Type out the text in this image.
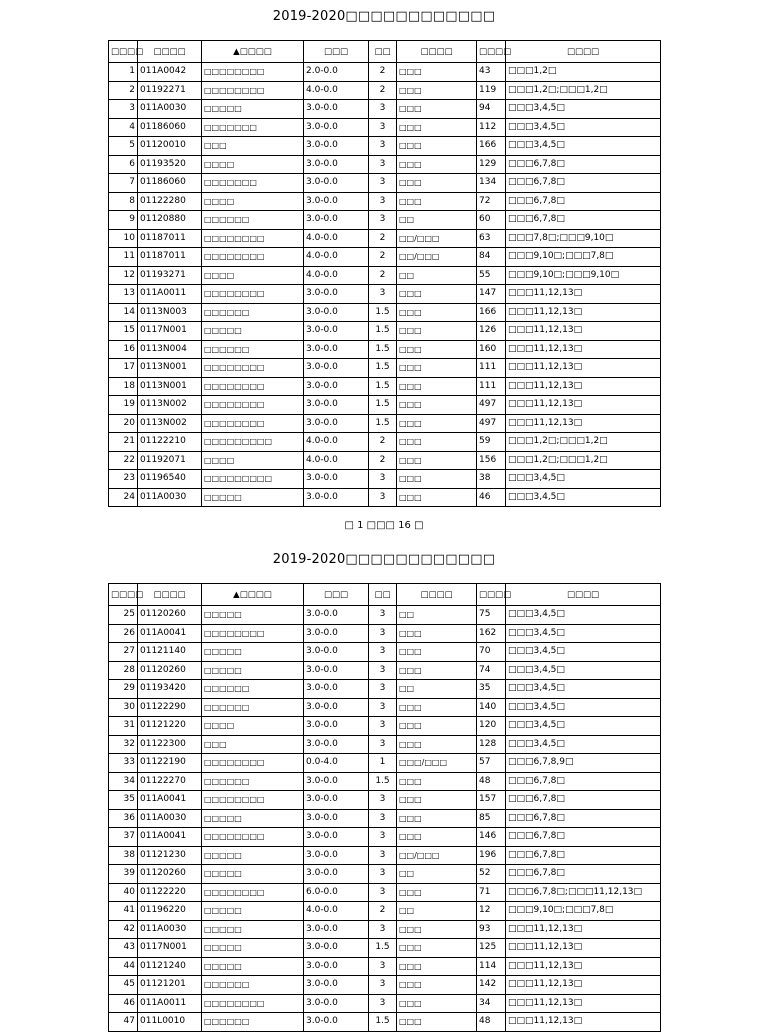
2019-2020□□□□□□□□□□□□
□□□□	□□□□	▲□□□□	□□□	□□	□□□□	□□□□	□□□□
1	011A0042	□□□□□□□□	2.0-0.0	2	□□□	43	□□□1,2□
2	01192271	□□□□□□□□	4.0-0.0	2	□□□	119	□□□1,2□;□□□1,2□
3	011A0030	□□□□□	3.0-0.0	3	□□□	94	□□□3,4,5□
4	01186060	□□□□□□□	3.0-0.0	3	□□□	112	□□□3,4,5□
5	01120010	□□□	3.0-0.0	3	□□□	166	□□□3,4,5□
6	01193520	□□□□	3.0-0.0	3	□□□	129	□□□6,7,8□
7	01186060	□□□□□□□	3.0-0.0	3	□□□	134	□□□6,7,8□
8	01122280	□□□□	3.0-0.0	3	□□□	72	□□□6,7,8□
9	01120880	□□□□□□	3.0-0.0	3	□□	60	□□□6,7,8□
10	01187011	□□□□□□□□	4.0-0.0	2	□□/□□□	63	□□□7,8□;□□□9,10□
11	01187011	□□□□□□□□	4.0-0.0	2	□□/□□□	84	□□□9,10□;□□□7,8□
12	01193271	□□□□	4.0-0.0	2	□□	55	□□□9,10□;□□□9,10□
13	011A0011	□□□□□□□□	3.0-0.0	3	□□□	147	□□□11,12,13□
14	0113N003	□□□□□□	3.0-0.0	1.5	□□□	166	□□□11,12,13□
15	0117N001	□□□□□	3.0-0.0	1.5	□□□	126	□□□11,12,13□
16	0113N004	□□□□□□	3.0-0.0	1.5	□□□	160	□□□11,12,13□
17	0113N001	□□□□□□□□	3.0-0.0	1.5	□□□	111	□□□11,12,13□
18	0113N001	□□□□□□□□	3.0-0.0	1.5	□□□	111	□□□11,12,13□
19	0113N002	□□□□□□□□	3.0-0.0	1.5	□□□	497	□□□11,12,13□
20	0113N002	□□□□□□□□	3.0-0.0	1.5	□□□	497	□□□11,12,13□
21	01122210	□□□□□□□□□	4.0-0.0	2	□□□	59	□□□1,2□;□□□1,2□
22	01192071	□□□□	4.0-0.0	2	□□□	156	□□□1,2□;□□□1,2□
23	01196540	□□□□□□□□□	3.0-0.0	3	□□□	38	□□□3,4,5□
24	011A0030	□□□□□	3.0-0.0	3	□□□	46	□□□3,4,5□
□ 1 □□□ 16 □
2019-2020□□□□□□□□□□□□
□□□□	□□□□	▲□□□□	□□□	□□	□□□□	□□□□	□□□□
25	01120260	□□□□□	3.0-0.0	3	□□	75	□□□3,4,5□
26	011A0041	□□□□□□□□	3.0-0.0	3	□□□	162	□□□3,4,5□
27	01121140	□□□□□	3.0-0.0	3	□□□	70	□□□3,4,5□
28	01120260	□□□□□	3.0-0.0	3	□□□	74	□□□3,4,5□
29	01193420	□□□□□□	3.0-0.0	3	□□	35	□□□3,4,5□
30	01122290	□□□□□□	3.0-0.0	3	□□□	140	□□□3,4,5□
31	01121220	□□□□	3.0-0.0	3	□□□	120	□□□3,4,5□
32	01122300	□□□	3.0-0.0	3	□□□	128	□□□3,4,5□
33	01122190	□□□□□□□□	0.0-4.0	1	□□□/□□□	57	□□□6,7,8,9□
34	01122270	□□□□□□	3.0-0.0	1.5	□□□	48	□□□6,7,8□
35	011A0041	□□□□□□□□	3.0-0.0	3	□□□	157	□□□6,7,8□
36	011A0030	□□□□□	3.0-0.0	3	□□□	85	□□□6,7,8□
37	011A0041	□□□□□□□□	3.0-0.0	3	□□□	146	□□□6,7,8□
38	01121230	□□□□□	3.0-0.0	3	□□/□□□	196	□□□6,7,8□
39	01120260	□□□□□	3.0-0.0	3	□□	52	□□□6,7,8□
40	01122220	□□□□□□□□	6.0-0.0	3	□□□	71	□□□6,7,8□;□□□11,12,13□
41	01196220	□□□□□	4.0-0.0	2	□□	12	□□□9,10□;□□□7,8□
42	011A0030	□□□□□	3.0-0.0	3	□□□	93	□□□11,12,13□
43	0117N001	□□□□□	3.0-0.0	1.5	□□□	125	□□□11,12,13□
44	01121240	□□□□□	3.0-0.0	3	□□□	114	□□□11,12,13□
45	01121201	□□□□□□	3.0-0.0	3	□□□	142	□□□11,12,13□
46	011A0011	□□□□□□□□	3.0-0.0	3	□□□	34	□□□11,12,13□
47	011L0010	□□□□□□	3.0-0.0	1.5	□□□	48	□□□11,12,13□
